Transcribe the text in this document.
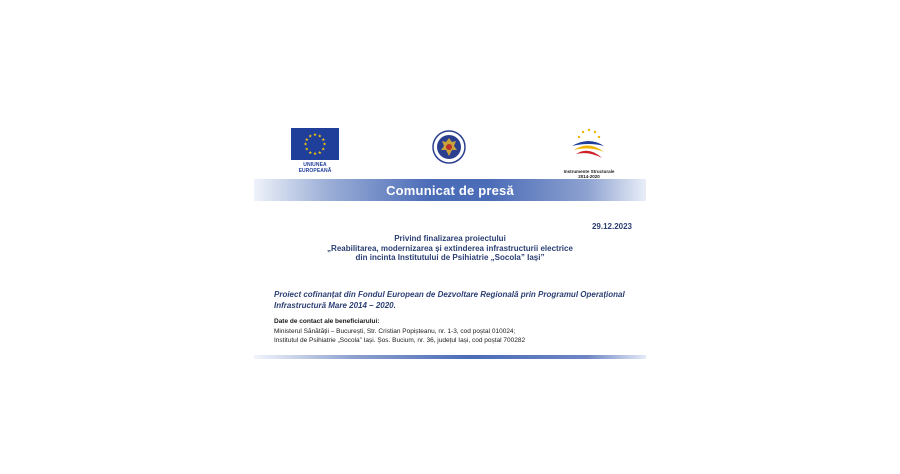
★
★
★
★
★
★
★
★
★ ★ ★
★
UNIUNEA EUROPEANĂ	Instrumente Structurale
2014-2020
Comunicat de presă
29.12.2023
Privind finalizarea proiectului
„Reabilitarea, modernizarea și extinderea infrastructurii electrice
din incinta Institutului de Psihiatrie „Socola” Iași”
Proiect cofinanțat din Fondul European de Dezvoltare Regională prin Programul Operațional
Infrastructură Mare 2014 – 2020.
Date de contact ale beneficiarului:
Ministerul Sănătății – București, Str. Cristian Popișteanu, nr. 1-3, cod poștal 010024;
Institutul de Psihiatrie „Socola” Iași. Șos. Bucium, nr. 36, județul Iași, cod poștal 700282
